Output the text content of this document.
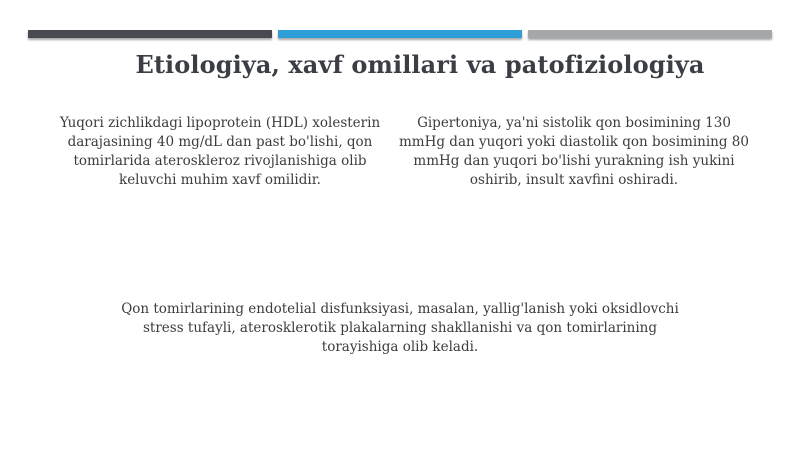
Etiologiya, xavf omillari va patofiziologiya
Yuqori zichlikdagi lipoprotein (HDL) xolesterin darajasining 40 mg/dL dan past bo'lishi, qon tomirlarida ateroskleroz rivojlanishiga olib keluvchi muhim xavf omilidir.
Gipertoniya, ya'ni sistolik qon bosimining 130 mmHg dan yuqori yoki diastolik qon bosimining 80 mmHg dan yuqori bo'lishi yurakning ish yukini oshirib, insult xavfini oshiradi.
Qon tomirlarining endotelial disfunksiyasi, masalan, yallig'lanish yoki oksidlovchi stress tufayli, aterosklerotik plakalarning shakllanishi va qon tomirlarining torayishiga olib keladi.
